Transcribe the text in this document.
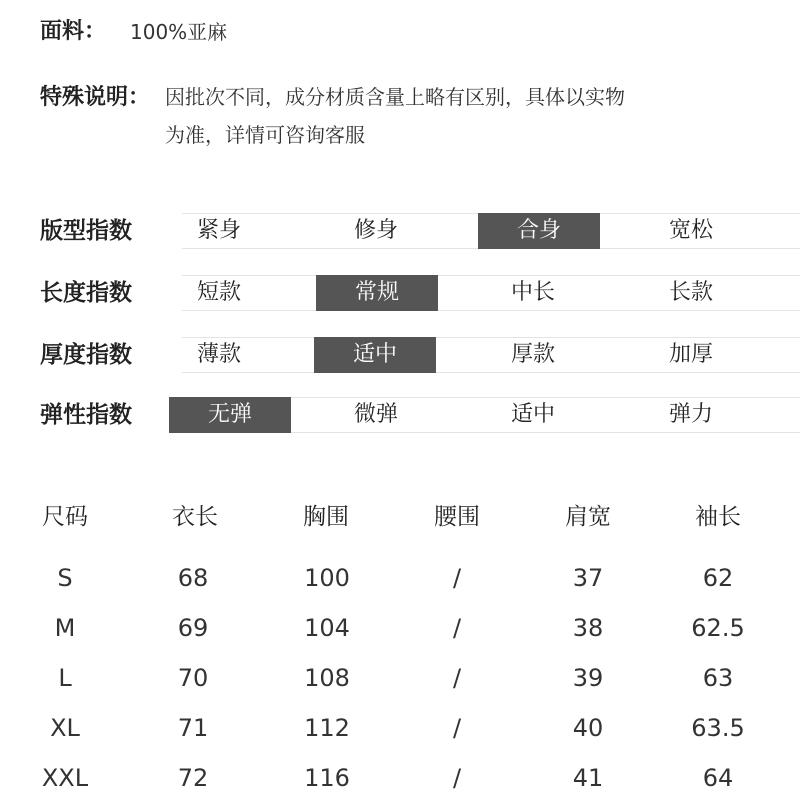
面料： 100%亚麻
特殊说明： 因批次不同，成分材质含量上略有区别，具体以实物
为准，详情可咨询客服
版型指数	紧身	修身	合身	宽松
长度指数	短款	常规	中长	长款
厚度指数	薄款	适中	厚款	加厚
弹性指数	无弹	微弹	适中	弹力
尺码	衣长	胸围	腰围	肩宽	袖长
S	68	100	/	37	62
M	69	104	/	38	62.5
L	70	108	/	39	63
XL	71	112	/	40	63.5
XXL	72	116	/	41	64
